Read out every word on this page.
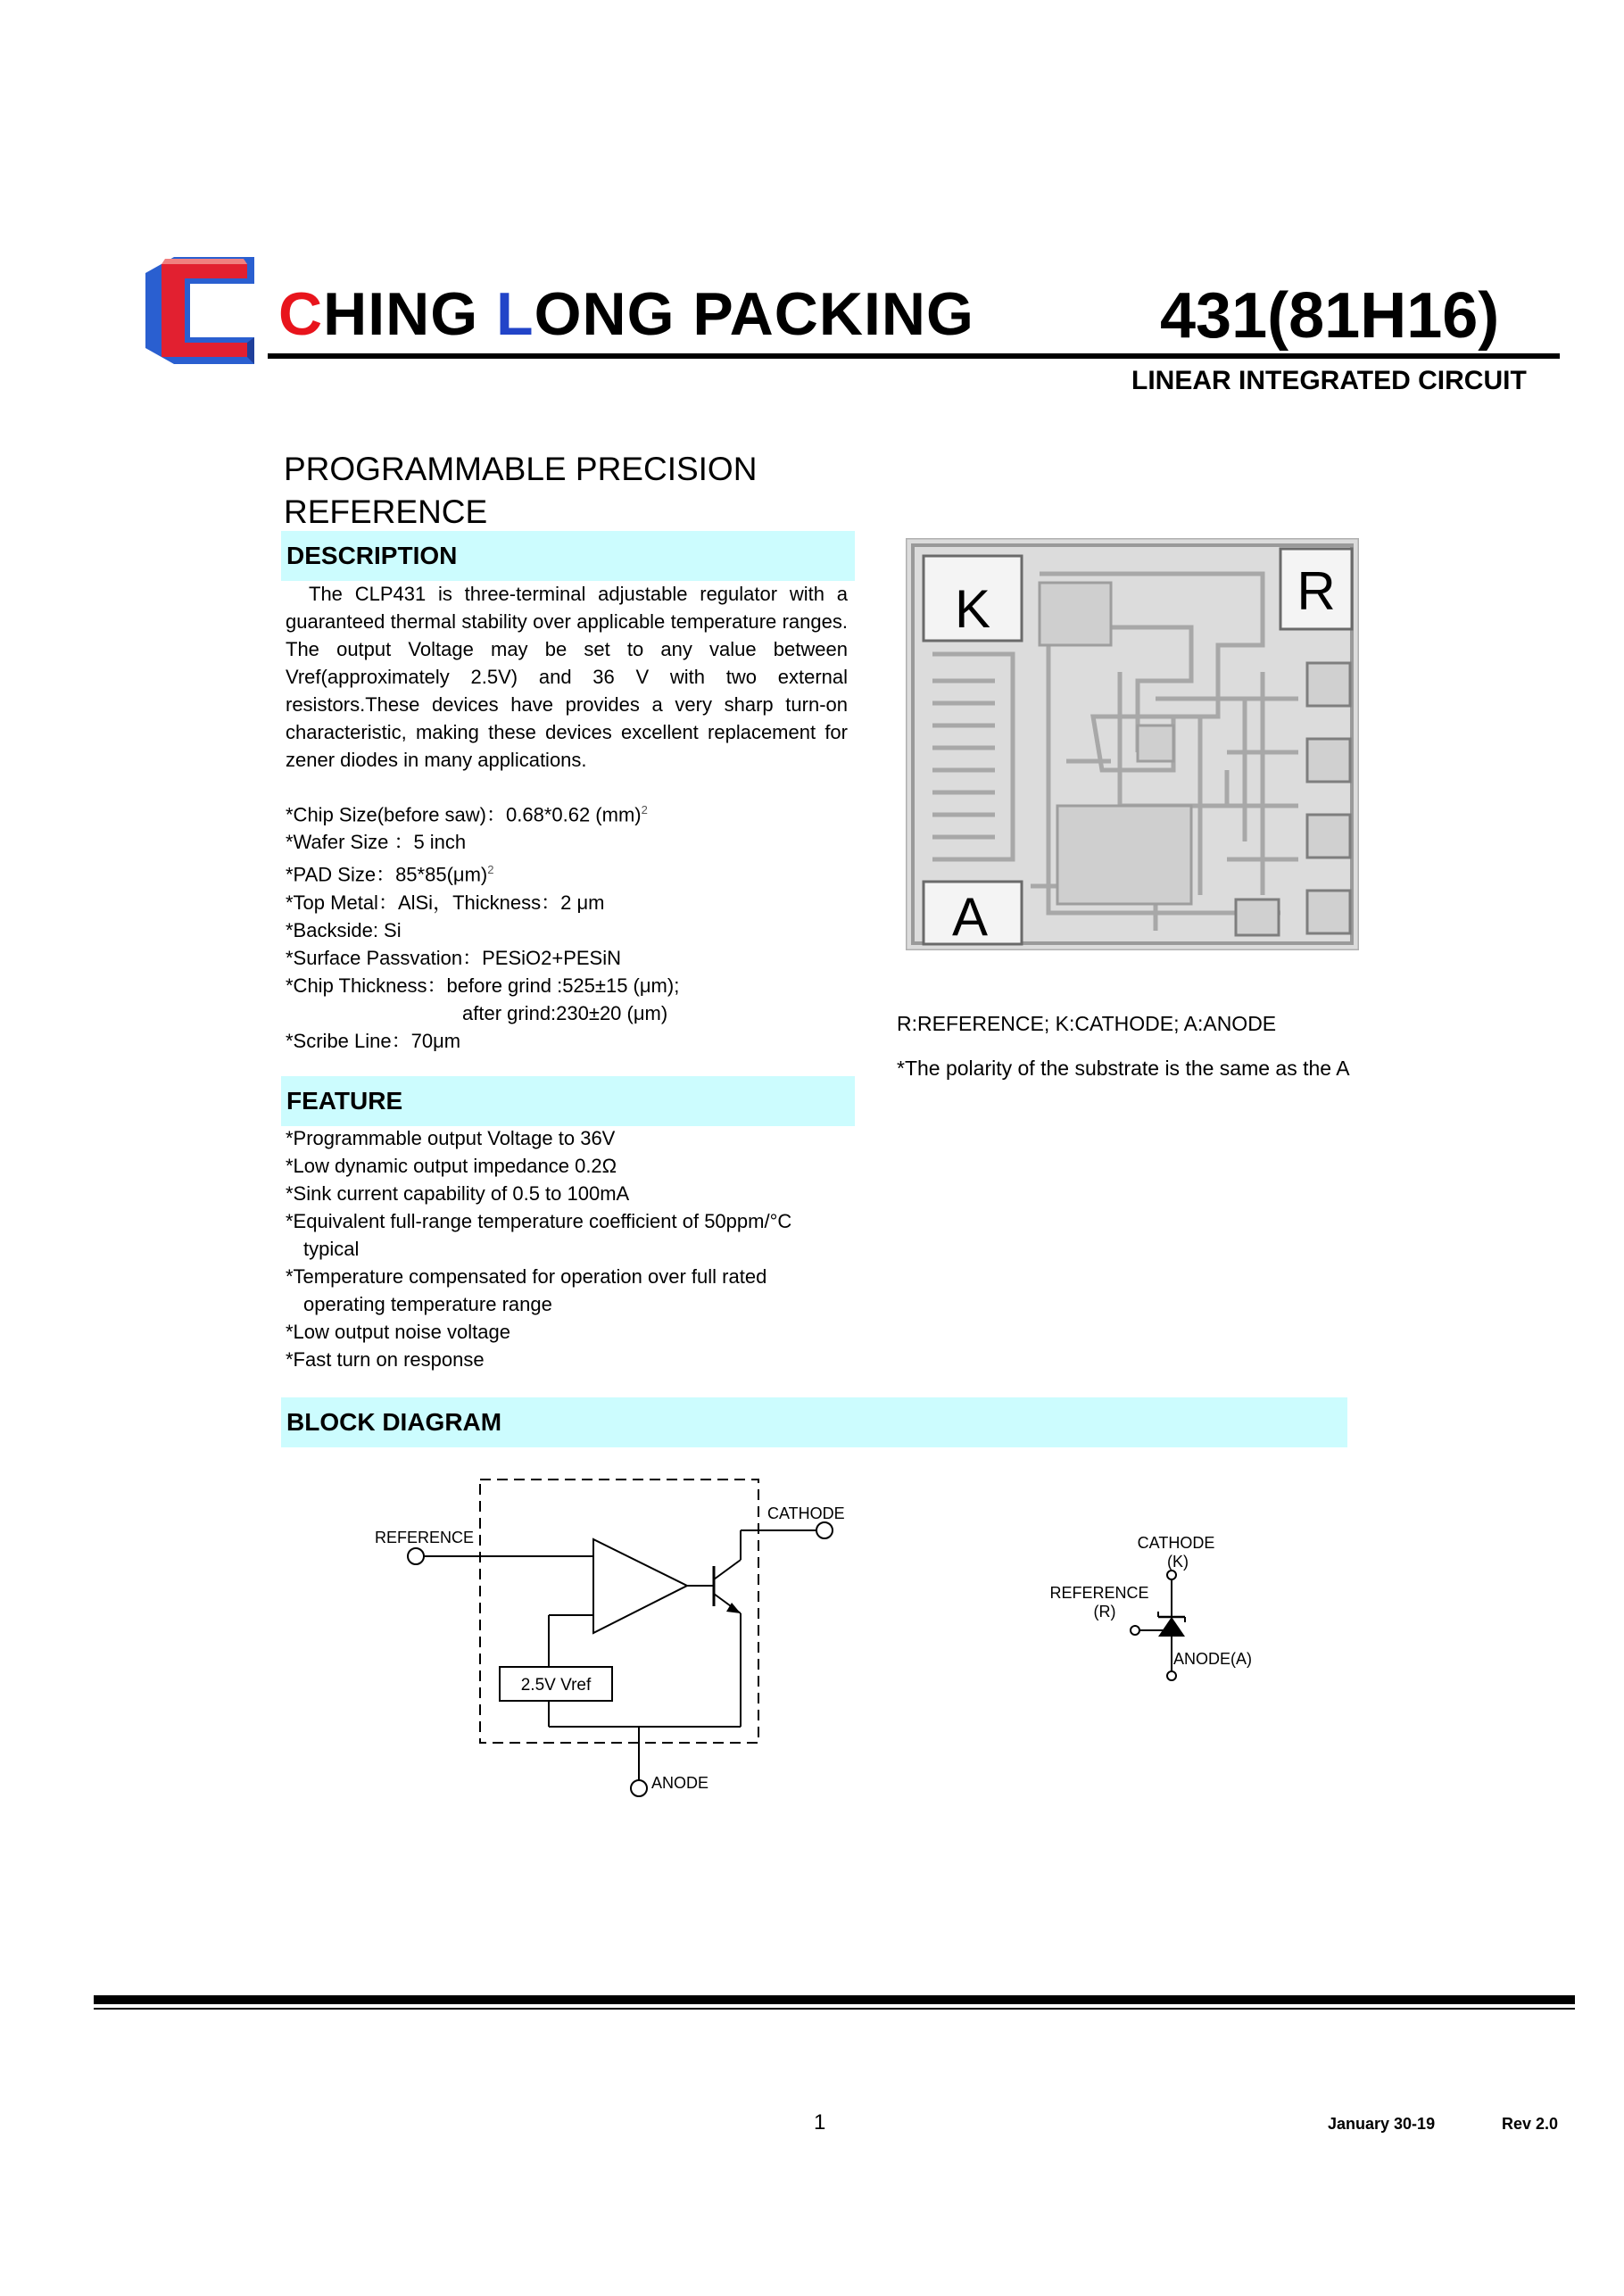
CHING LONG PACKING	431(81H16)
LINEAR INTEGRATED CIRCUIT
PROGRAMMABLE PRECISION
REFERENCE
DESCRIPTION
The CLP431 is three-terminal adjustable regulator with a guaranteed thermal stability over applicable temperature ranges. The output Voltage may be set to any value between Vref(approximately 2.5V) and 36 V with two external resistors.These devices have provides a very sharp turn-on characteristic, making these devices excellent replacement for zener diodes in many applications.
*Chip Size(before saw)：0.68*0.62 (mm)$^2$
*Wafer Size ：5 inch
*PAD Size：$85*85(\mu m)^2$
*Top Metal：AlSi，Thickness：2 μm
*Backside: Si
*Surface Passvation：PESiO2+PESiN
*Chip Thickness：before grind :525±15 (μm);
after grind:230±20 (μm)
*Scribe Line：70μm
K	R
A
R:REFERENCE; K:CATHODE; A:ANODE
*The polarity of the substrate is the same as the A
FEATURE
*Programmable output Voltage to 36V
*Low dynamic output impedance 0.2Ω
*Sink current capability of 0.5 to 100mA
*Equivalent full-range temperature coefficient of 50ppm/°C
typical
*Temperature compensated for operation over full rated
operating temperature range
*Low output noise voltage
*Fast turn on response
BLOCK DIAGRAM
REFERENCE
2.5V Vref
CATHODE
ANODE
CATHODE
(K)
ANODE(A)
REFERENCE
(R)
1	January 30-19	Rev 2.0
